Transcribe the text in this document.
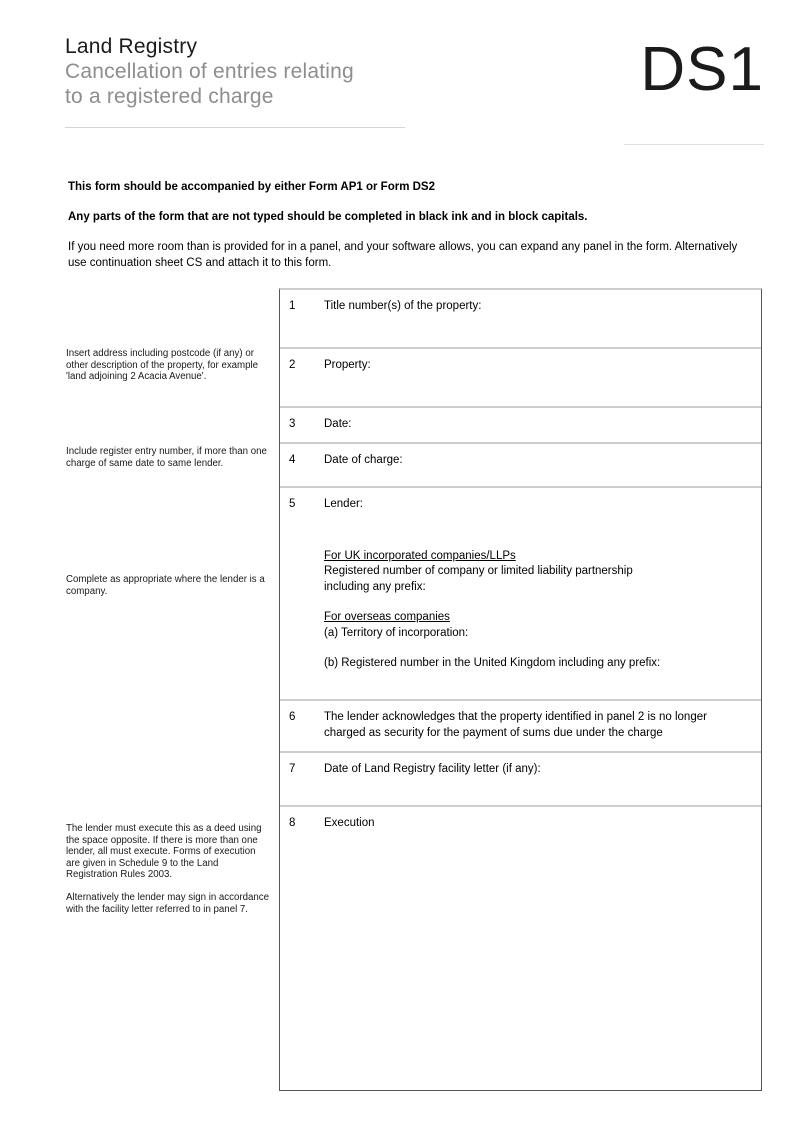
Land Registry
Cancellation of entries relating
to a registered charge	DS1
This form should be accompanied by either Form AP1 or Form DS2
Any parts of the form that are not typed should be completed in black ink and in block capitals.
If you need more room than is provided for in a panel, and your software allows, you can expand any panel in the form. Alternatively use continuation sheet CS and attach it to this form.

Insert address including postcode (if any) or other description of the property, for example 'land adjoining 2 Acacia Avenue'.

Include register entry number, if more than one charge of same date to same lender.

Complete as appropriate where the lender is a company.

The lender must execute this as a deed using the space opposite. If there is more than one lender, all must execute. Forms of execution are given in Schedule 9 to the Land Registration Rules 2003.

Alternatively the lender may sign in accordance with the facility letter referred to in panel 7.

1 Title number(s) of the property:

2 Property:

3 Date:

4 Date of charge:

5 Lender:

For UK incorporated companies/LLPs

Registered number of company or limited liability partnership

including any prefix:

For overseas companies

(a) Territory of incorporation:

(b) Registered number in the United Kingdom including any prefix:

6 The lender acknowledges that the property identified in panel 2 is no longer charged as security for the payment of sums due under the charge

7 Date of Land Registry facility letter (if any):

8 Execution
